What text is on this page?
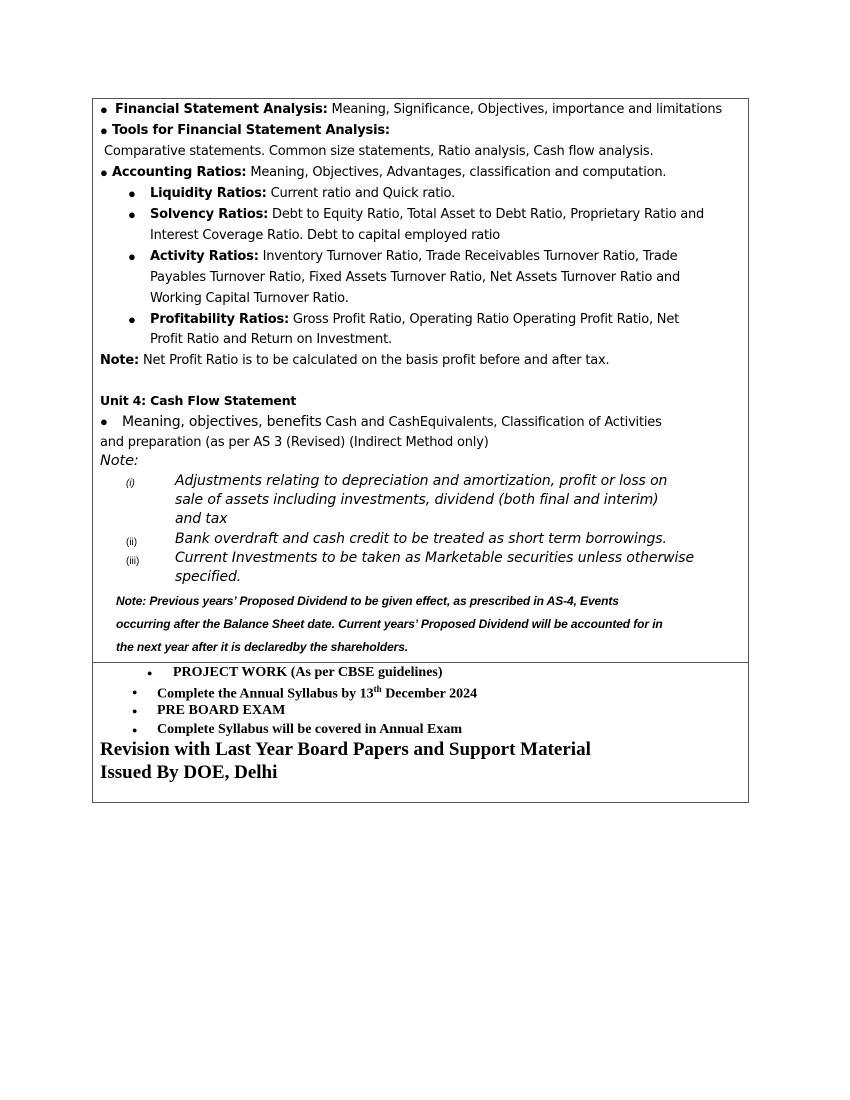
● Financial Statement Analysis: Meaning, Significance, Objectives, importance and limitations
● Tools for Financial Statement Analysis:
Comparative statements. Common size statements, Ratio analysis, Cash flow analysis.
● Accounting Ratios: Meaning, Objectives, Advantages, classification and computation.
● Liquidity Ratios: Current ratio and Quick ratio.
● Solvency Ratios: Debt to Equity Ratio, Total Asset to Debt Ratio, Proprietary Ratio and
Interest Coverage Ratio. Debt to capital employed ratio
● Activity Ratios: Inventory Turnover Ratio, Trade Receivables Turnover Ratio, Trade
Payables Turnover Ratio, Fixed Assets Turnover Ratio, Net Assets Turnover Ratio and
Working Capital Turnover Ratio.
● Profitability Ratios: Gross Profit Ratio, Operating Ratio Operating Profit Ratio, Net
Profit Ratio and Return on Investment.
Note: Net Profit Ratio is to be calculated on the basis profit before and after tax.
Unit 4: Cash Flow Statement
● Meaning, objectives, benefits Cash and CashEquivalents, Classification of Activities
and preparation (as per AS 3 (Revised) (Indirect Method only)
Note:
(i)	Adjustments relating to depreciation and amortization, profit or loss on
sale of assets including investments, dividend (both final and interim)
and tax
(ii)	Bank overdraft and cash credit to be treated as short term borrowings.
(iii)	Current Investments to be taken as Marketable securities unless otherwise
specified.
Note: Previous years’ Proposed Dividend to be given effect, as prescribed in AS-4, Events
occurring after the Balance Sheet date. Current years’ Proposed Dividend will be accounted for in
the next year after it is declaredby the shareholders.
● PROJECT WORK (As per CBSE guidelines)
● Complete the Annual Syllabus by 13th December 2024
● PRE BOARD EXAM
● Complete Syllabus will be covered in Annual Exam
Revision with Last Year Board Papers and Support Material
Issued By DOE, Delhi
